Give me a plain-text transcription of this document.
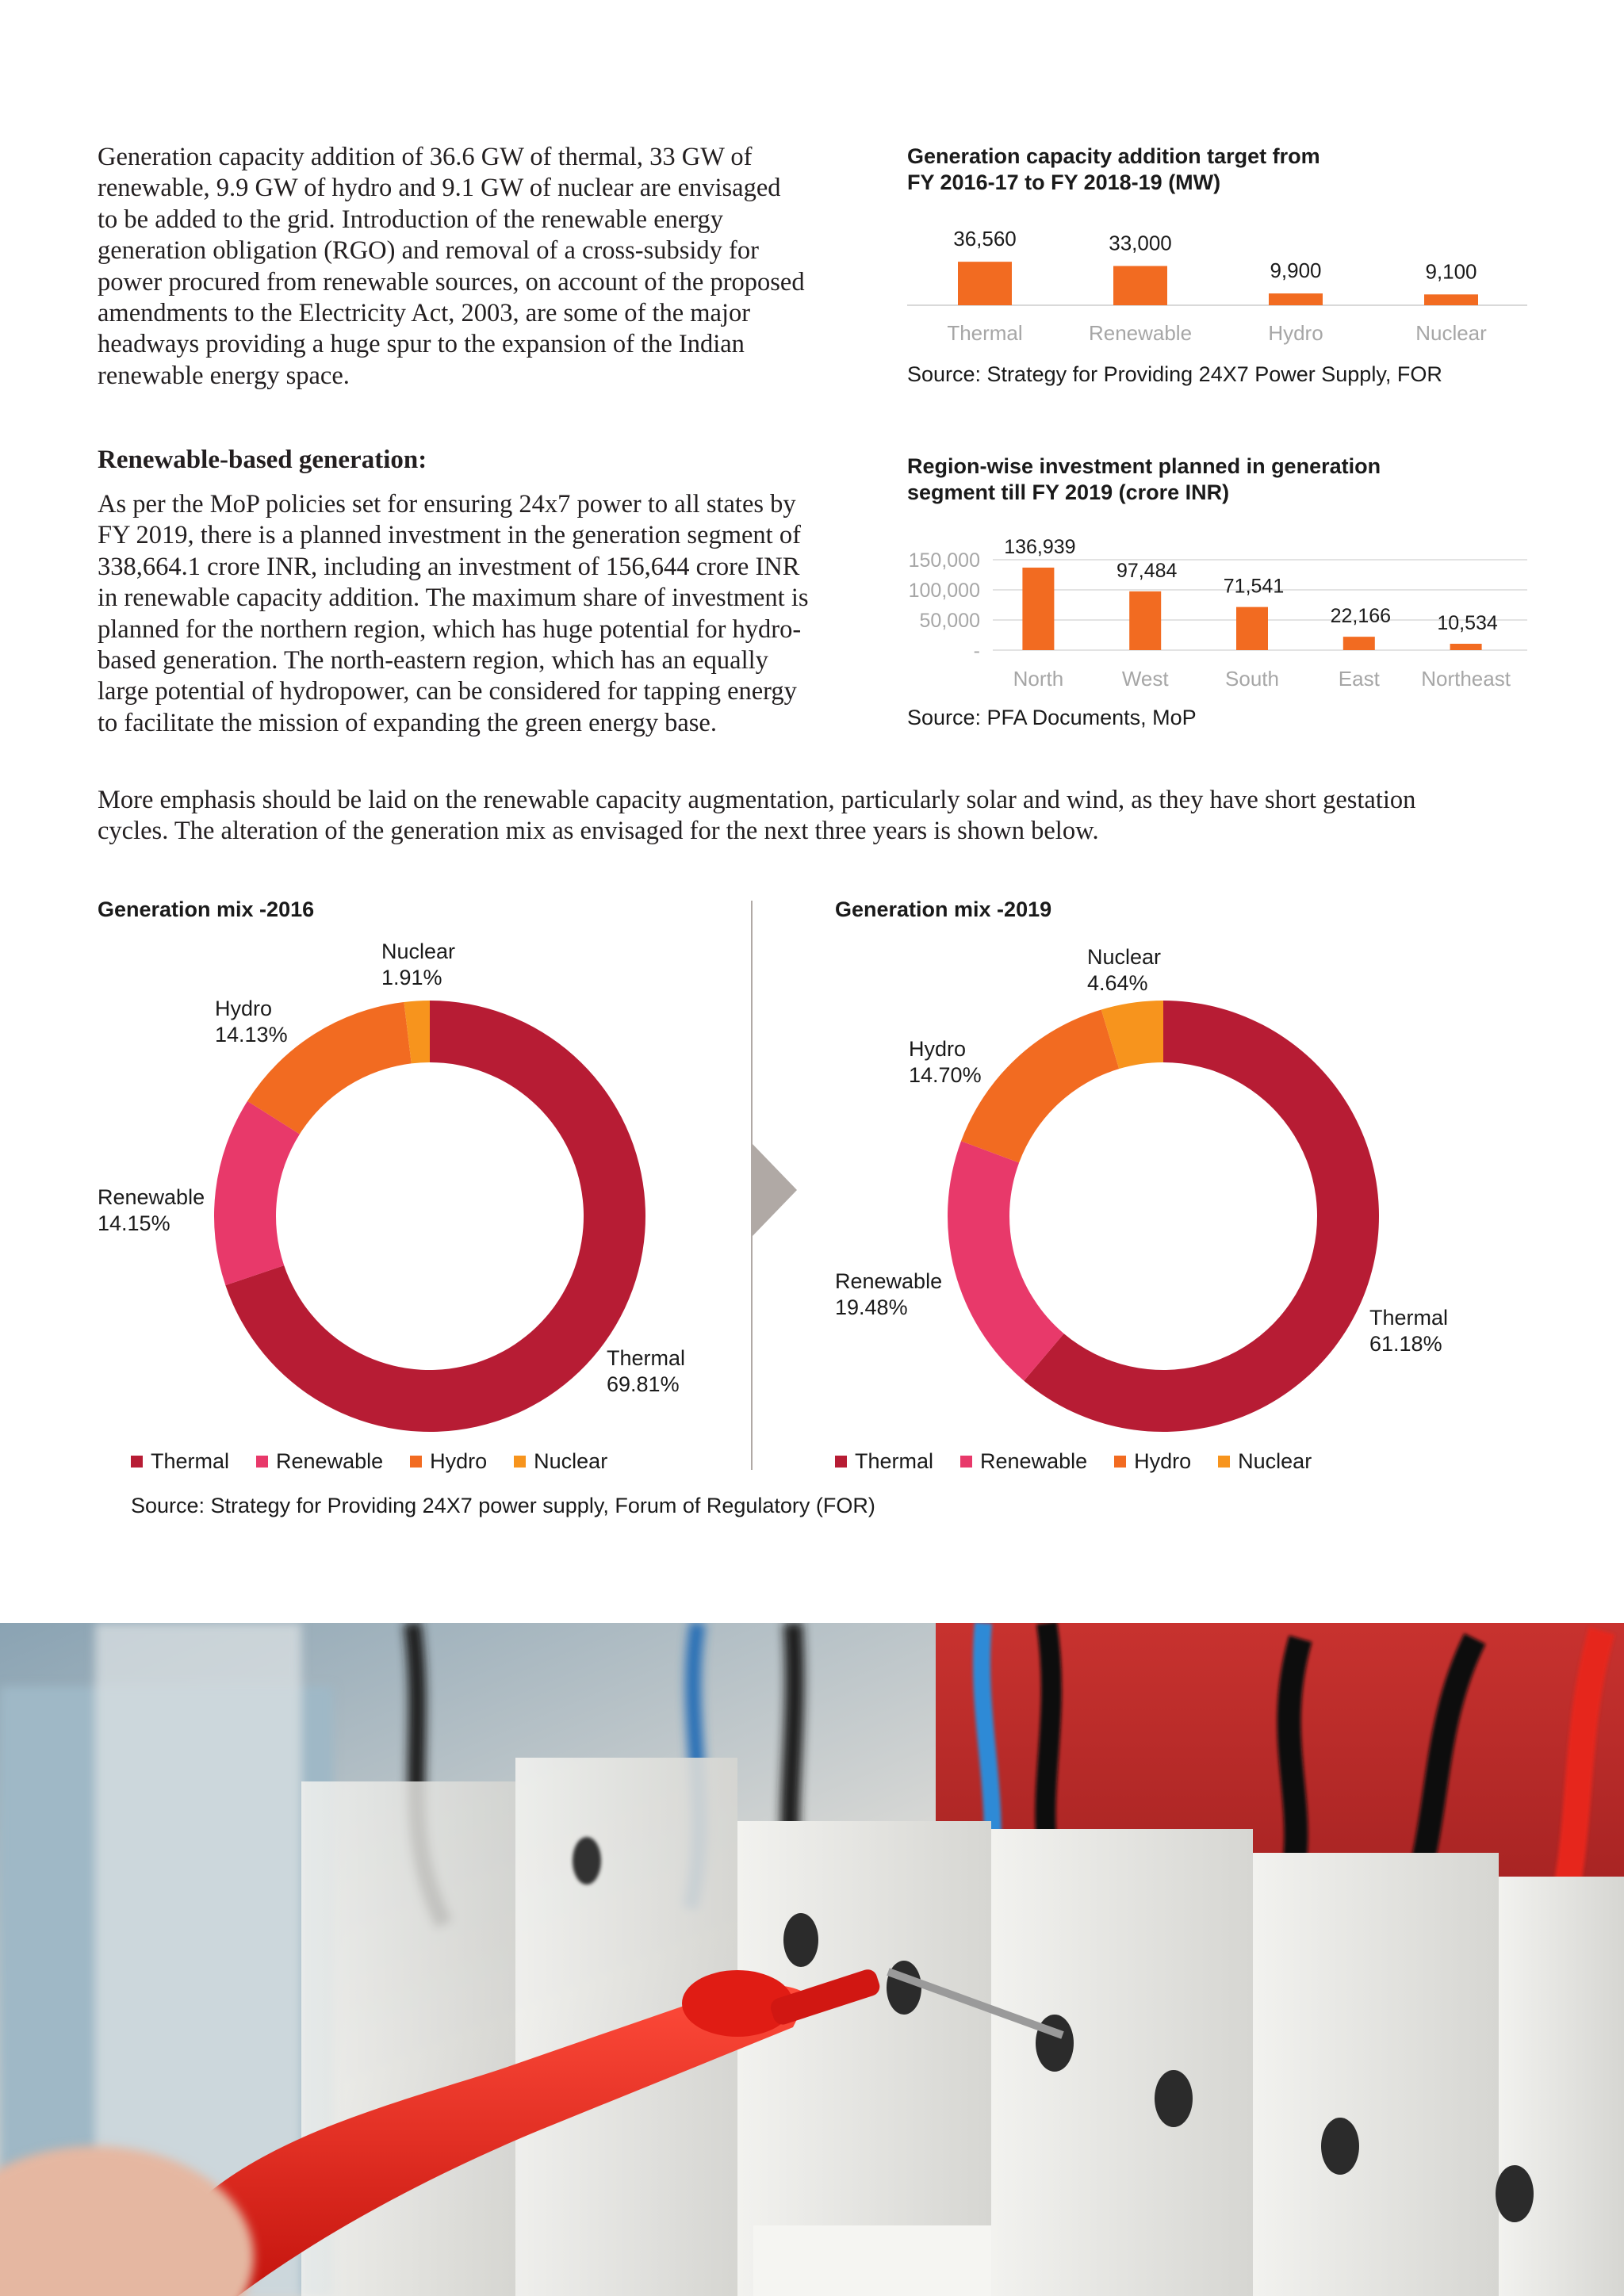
Generation capacity addition of 36.6 GW of thermal, 33 GW of
renewable, 9.9 GW of hydro and 9.1 GW of nuclear are envisaged
to be added to the grid. Introduction of the renewable energy
generation obligation (RGO) and removal of a cross-subsidy for
power procured from renewable sources, on account of the proposed
amendments to the Electricity Act, 2003, are some of the major
headways providing a huge spur to the expansion of the Indian
renewable energy space.
Generation capacity addition target from
FY 2016-17 to FY 2018-19 (MW)
36,560
Thermal
33,000
Renewable
9,900
Hydro
9,100
Nuclear
Source: Strategy for Providing 24X7 Power Supply, FOR
Renewable-based generation:
As per the MoP policies set for ensuring 24x7 power to all states by
FY 2019, there is a planned investment in the generation segment of
338,664.1 crore INR, including an investment of 156,644 crore INR
in renewable capacity addition. The maximum share of investment is
planned for the northern region, which has huge potential for hydro-
based generation. The north-eastern region, which has an equally
large potential of hydropower, can be considered for tapping energy
to facilitate the mission of expanding the green energy base.
Region-wise investment planned in generation
segment till FY 2019 (crore INR)
-
50,000
100,000
150,000
136,939
North
97,484
West
71,541
South
22,166
East
10,534
Northeast
Source: PFA Documents, MoP
More emphasis should be laid on the renewable capacity augmentation, particularly solar and wind, as they have short gestation
cycles. The alteration of the generation mix as envisaged for the next three years is shown below.
Generation mix -2016
Nuclear
1.91%
Hydro
14.13%
Renewable
14.15%
Thermal
69.81%
Thermal Renewable Hydro Nuclear
Generation mix -2019
Nuclear
4.64%
Hydro
14.70%
Renewable
19.48%	Thermal
61.18%
Thermal Renewable Hydro Nuclear
Source: Strategy for Providing 24X7 power supply, Forum of Regulatory (FOR)
